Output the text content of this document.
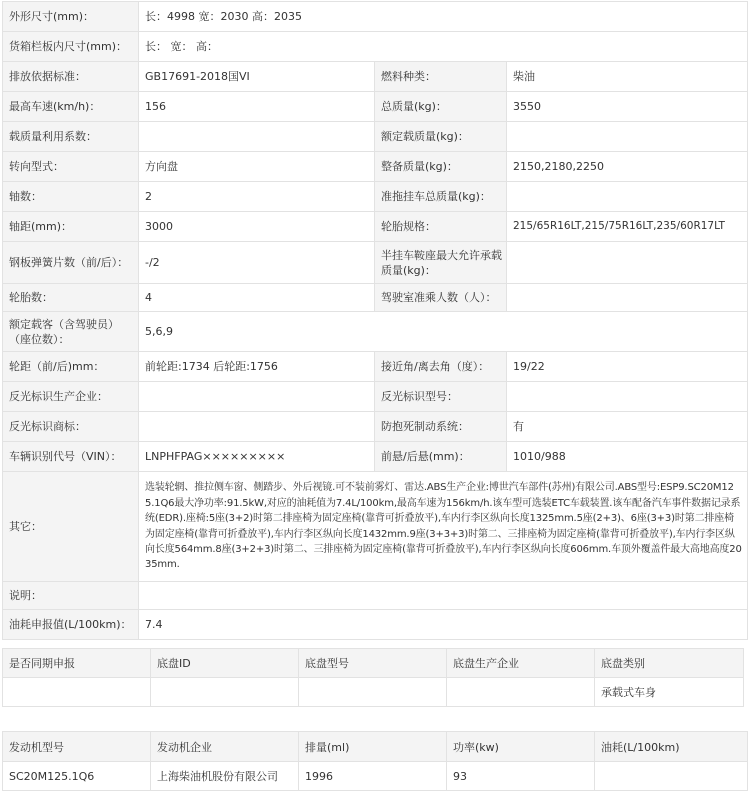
外形尺寸(mm)：	长：4998 宽：2030 高：2035		
货箱栏板内尺寸(mm)：	长： 宽： 高：		
排放依据标准：	GB17691-2018国VI	燃料种类：	柴油
最高车速(km/h)：	156	总质量(kg)：	3550
载质量利用系数：		额定载质量(kg)：	
转向型式：	方向盘	整备质量(kg)：	2150,2180,2250
轴数：	2	准拖挂车总质量(kg)：	
轴距(mm)：	3000	轮胎规格：	215/65R16LT,215/75R16LT,235/60R17LT
钢板弹簧片数（前/后）：	-/2	半挂车鞍座最大允许承载质量(kg)：	
轮胎数：	4	驾驶室准乘人数（人）：	
额定载客（含驾驶员）（座位数）：	5,6,9		
轮距（前/后)mm：	前轮距:1734 后轮距:1756	接近角/离去角（度）：	19/22
反光标识生产企业：		反光标识型号：	
反光标识商标：		防抱死制动系统：	有
车辆识别代号（VIN）：	LNPHFPAG×××××××××	前悬/后悬(mm)：	1010/988
其它：	选装轮辋、推拉侧车窗、侧踏步、外后视镜.可不装前雾灯、雷达.ABS生产企业:博世汽车部件(苏州)有限公司.ABS型号:ESP9.SC20M125.1Q6最大净功率:91.5kW,对应的油耗值为7.4L/100km,最高车速为156km/h.该车型可选装ETC车载装置.该车配备汽车事件数据记录系统(EDR).座椅:5座(3+2)时第二排座椅为固定座椅(靠背可折叠放平),车内行李区纵向长度1325mm.5座(2+3)、6座(3+3)时第二排座椅为固定座椅(靠背可折叠放平),车内行李区纵向长度1432mm.9座(3+3+3)时第二、三排座椅为固定座椅(靠背可折叠放平),车内行李区纵向长度564mm.8座(3+2+3)时第二、三排座椅为固定座椅(靠背可折叠放平),车内行李区纵向长度606mm.车顶外覆盖件最大高地高度2035mm.		
说明：			
油耗申报值(L/100km)：	7.4		
是否同期申报	底盘ID	底盘型号	底盘生产企业	底盘类别
				承载式车身
发动机型号	发动机企业	排量(ml)	功率(kw)	油耗(L/100km)
SC20M125.1Q6	上海柴油机股份有限公司	1996	93	
